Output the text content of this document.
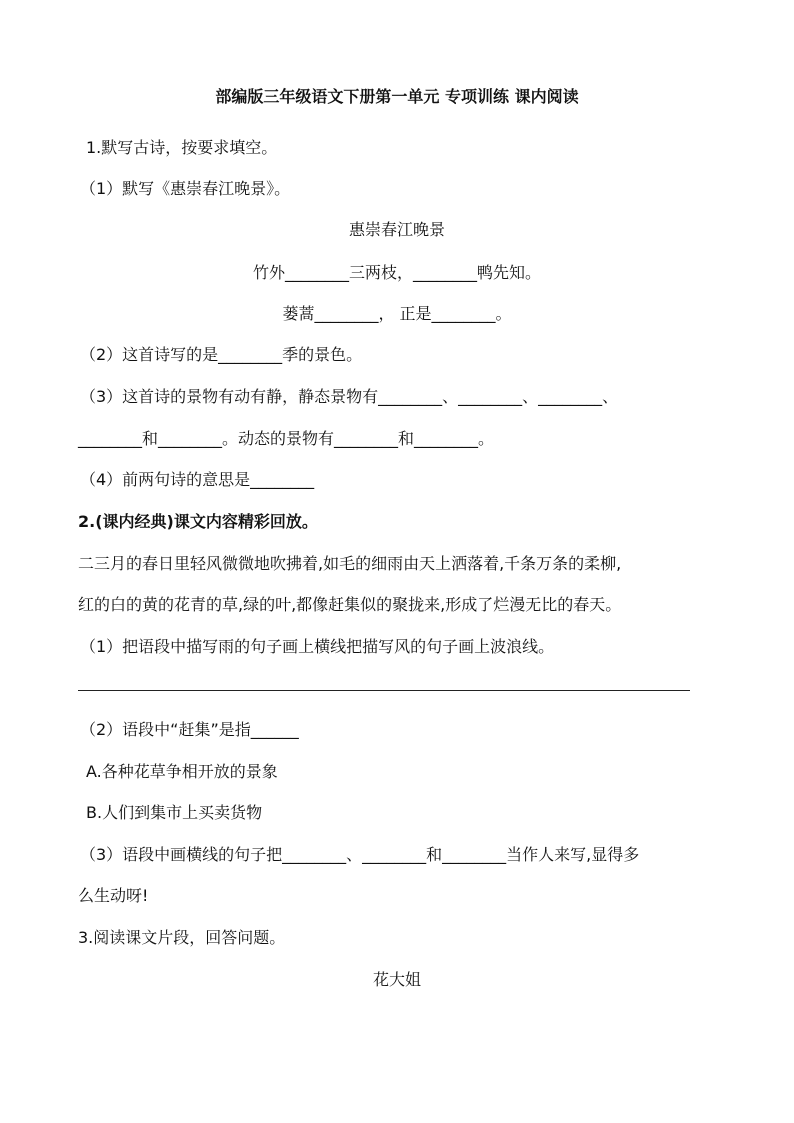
部编版三年级语文下册第一单元 专项训练 课内阅读
1.默写古诗，按要求填空。
（1）默写《惠崇春江晚景》。
惠崇春江晚景
竹外________三两枝，________鸭先知。
蒌蒿________， 正是________。
（2）这首诗写的是________季的景色。
（3）这首诗的景物有动有静，静态景物有________、________、________、
________和________。动态的景物有________和________。
（4）前两句诗的意思是________
2.(课内经典)课文内容精彩回放。
二三月的春日里轻风微微地吹拂着,如毛的细雨由天上洒落着,千条万条的柔柳,
红的白的黄的花青的草,绿的叶,都像赶集似的聚拢来,形成了烂漫无比的春天。
（1）把语段中描写雨的句子画上横线把描写风的句子画上波浪线。
（2）语段中“赶集”是指______
A.各种花草争相开放的景象
B.人们到集市上买卖货物
（3）语段中画横线的句子把________、________和________当作人来写,显得多
么生动呀!
3.阅读课文片段，回答问题。
花大姐
